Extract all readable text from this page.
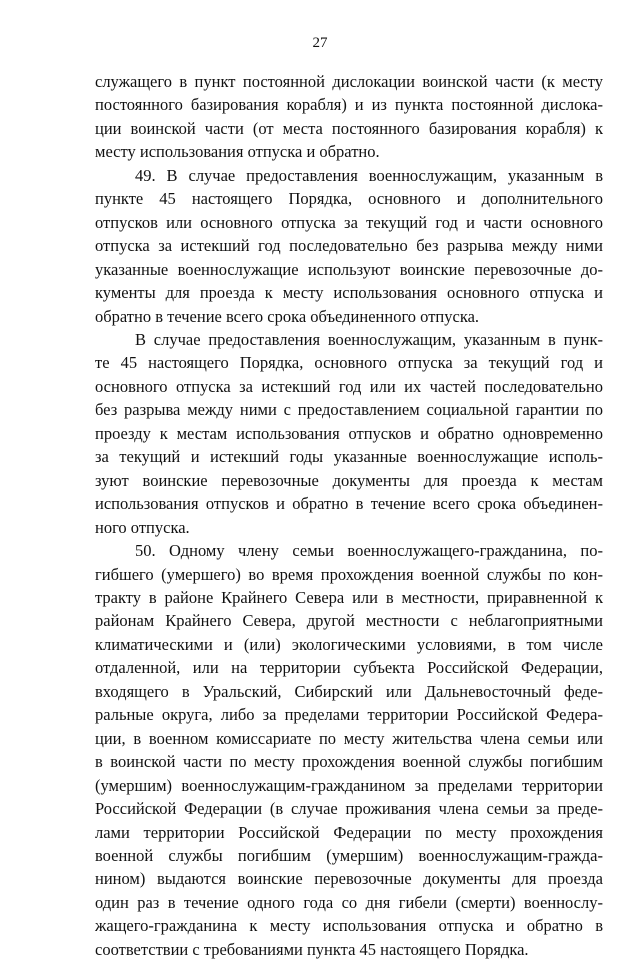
27
служащего в пункт постоянной дислокации воинской части (к месту
постоянного базирования корабля) и из пункта постоянной дислока-
ции воинской части (от места постоянного базирования корабля) к
месту использования отпуска и обратно.
49. В случае предоставления военнослужащим, указанным в
пункте 45 настоящего Порядка, основного и дополнительного
отпусков или основного отпуска за текущий год и части основного
отпуска за истекший год последовательно без разрыва между ними
указанные военнослужащие используют воинские перевозочные до-
кументы для проезда к месту использования основного отпуска и
обратно в течение всего срока объединенного отпуска.
В случае предоставления военнослужащим, указанным в пунк-
те 45 настоящего Порядка, основного отпуска за текущий год и
основного отпуска за истекший год или их частей последовательно
без разрыва между ними с предоставлением социальной гарантии по
проезду к местам использования отпусков и обратно одновременно
за текущий и истекший годы указанные военнослужащие исполь-
зуют воинские перевозочные документы для проезда к местам
использования отпусков и обратно в течение всего срока объединен-
ного отпуска.
50. Одному члену семьи военнослужащего-гражданина, по-
гибшего (умершего) во время прохождения военной службы по кон-
тракту в районе Крайнего Севера или в местности, приравненной к
районам Крайнего Севера, другой местности с неблагоприятными
климатическими и (или) экологическими условиями, в том числе
отдаленной, или на территории субъекта Российской Федерации,
входящего в Уральский, Сибирский или Дальневосточный феде-
ральные округа, либо за пределами территории Российской Федера-
ции, в военном комиссариате по месту жительства члена семьи или
в воинской части по месту прохождения военной службы погибшим
(умершим) военнослужащим-гражданином за пределами территории
Российской Федерации (в случае проживания члена семьи за преде-
лами территории Российской Федерации по месту прохождения
военной службы погибшим (умершим) военнослужащим-гражда-
нином) выдаются воинские перевозочные документы для проезда
один раз в течение одного года со дня гибели (смерти) военнослу-
жащего-гражданина к месту использования отпуска и обратно в
соответствии с требованиями пункта 45 настоящего Порядка.
